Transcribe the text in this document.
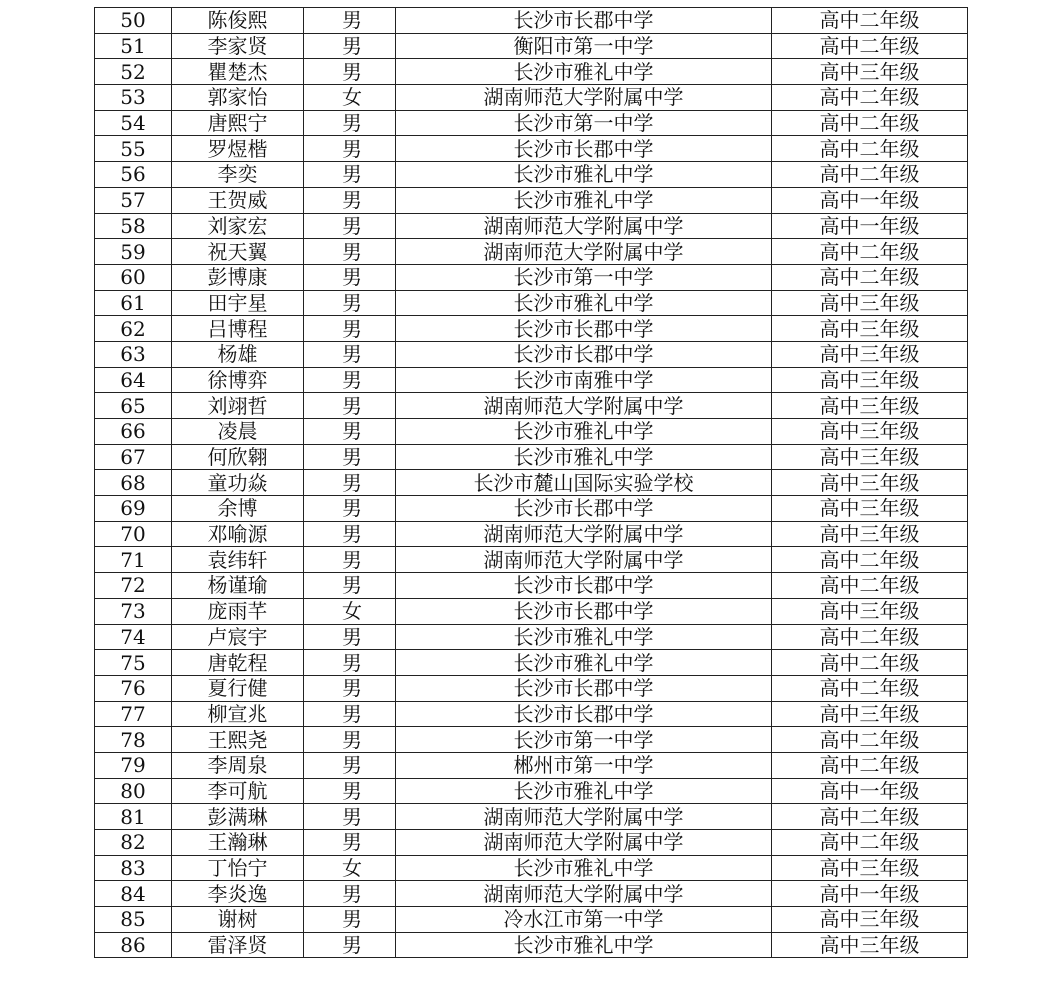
50	陈俊熙	男	长沙市长郡中学	高中二年级
51	李家贤	男	衡阳市第一中学	高中二年级
52	瞿楚杰	男	长沙市雅礼中学	高中三年级
53	郭家怡	女	湖南师范大学附属中学	高中二年级
54	唐熙宁	男	长沙市第一中学	高中二年级
55	罗煜楷	男	长沙市长郡中学	高中二年级
56	李奕	男	长沙市雅礼中学	高中二年级
57	王贺威	男	长沙市雅礼中学	高中一年级
58	刘家宏	男	湖南师范大学附属中学	高中一年级
59	祝天翼	男	湖南师范大学附属中学	高中二年级
60	彭博康	男	长沙市第一中学	高中二年级
61	田宇星	男	长沙市雅礼中学	高中三年级
62	吕博程	男	长沙市长郡中学	高中三年级
63	杨雄	男	长沙市长郡中学	高中三年级
64	徐博弈	男	长沙市南雅中学	高中三年级
65	刘翊哲	男	湖南师范大学附属中学	高中三年级
66	凌晨	男	长沙市雅礼中学	高中三年级
67	何欣翱	男	长沙市雅礼中学	高中三年级
68	童功焱	男	长沙市麓山国际实验学校	高中三年级
69	余博	男	长沙市长郡中学	高中三年级
70	邓喻源	男	湖南师范大学附属中学	高中三年级
71	袁纬轩	男	湖南师范大学附属中学	高中二年级
72	杨谨瑜	男	长沙市长郡中学	高中二年级
73	庞雨芊	女	长沙市长郡中学	高中三年级
74	卢宸宇	男	长沙市雅礼中学	高中二年级
75	唐乾程	男	长沙市雅礼中学	高中二年级
76	夏行健	男	长沙市长郡中学	高中二年级
77	柳宣兆	男	长沙市长郡中学	高中三年级
78	王熙尧	男	长沙市第一中学	高中二年级
79	李周泉	男	郴州市第一中学	高中二年级
80	李可航	男	长沙市雅礼中学	高中一年级
81	彭满琳	男	湖南师范大学附属中学	高中二年级
82	王瀚琳	男	湖南师范大学附属中学	高中二年级
83	丁怡宁	女	长沙市雅礼中学	高中三年级
84	李炎逸	男	湖南师范大学附属中学	高中一年级
85	谢树	男	冷水江市第一中学	高中三年级
86	雷泽贤	男	长沙市雅礼中学	高中三年级
